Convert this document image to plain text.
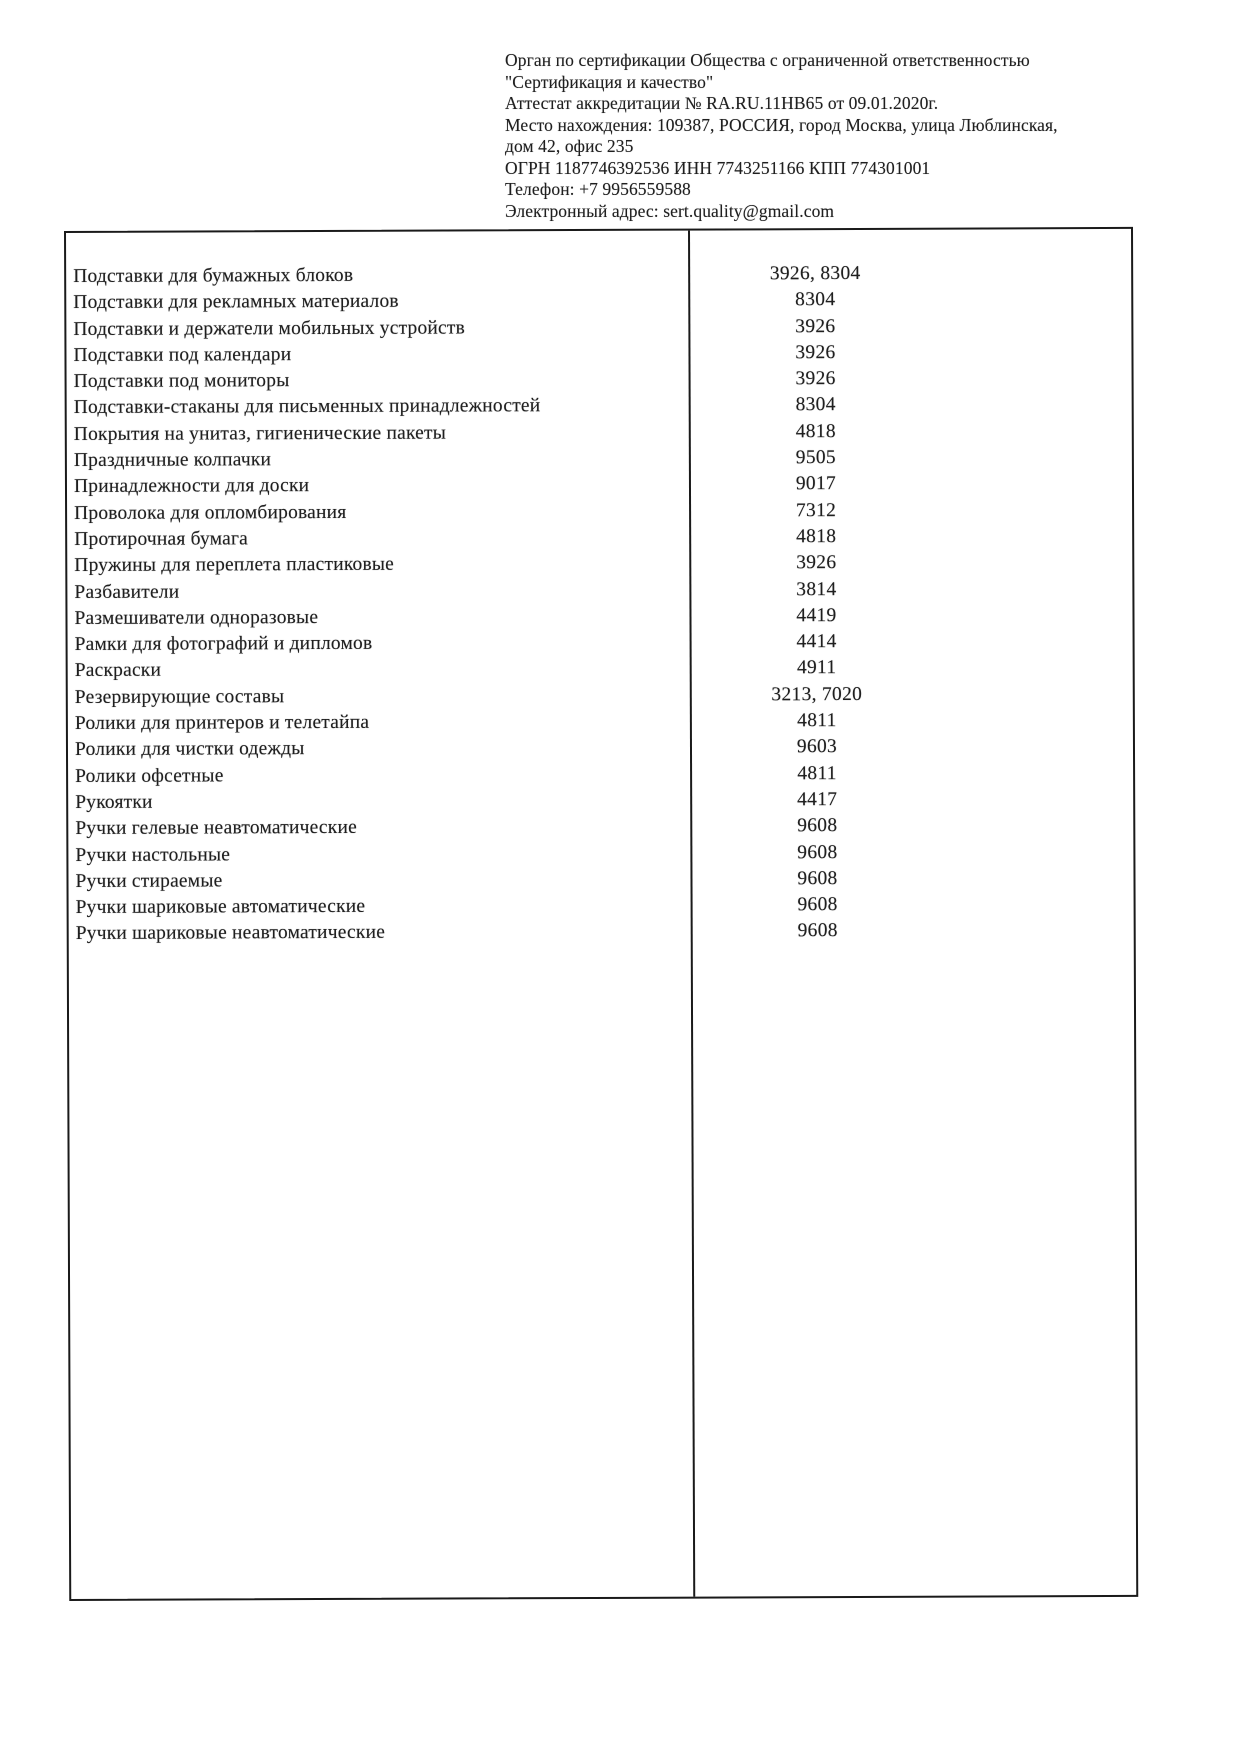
Орган по сертификации Общества с ограниченной ответственностью
"Сертификация и качество"
Аттестат аккредитации № RA.RU.11НВ65 от 09.01.2020г.
Место нахождения: 109387, РОССИЯ, город Москва, улица Люблинская,
дом 42, офис 235
ОГРН 1187746392536 ИНН 7743251166 КПП 774301001
Телефон: +7 9956559588
Электронный адрес: sert.quality@gmail.com
Подставки для бумажных блоков
Подставки для рекламных материалов
Подставки и держатели мобильных устройств
Подставки под календари
Подставки под мониторы
Подставки-стаканы для письменных принадлежностей
Покрытия на унитаз, гигиенические пакеты
Праздничные колпачки
Принадлежности для доски
Проволока для опломбирования
Протирочная бумага
Пружины для переплета пластиковые
Разбавители
Размешиватели одноразовые
Рамки для фотографий и дипломов
Раскраски
Резервирующие составы
Ролики для принтеров и телетайпа
Ролики для чистки одежды
Ролики офсетные
Рукоятки
Ручки гелевые неавтоматические
Ручки настольные
Ручки стираемые
Ручки шариковые автоматические
Ручки шариковые неавтоматические
3926, 8304
8304
3926
3926
3926
8304
4818
9505
9017
7312
4818
3926
3814
4419
4414
4911
3213, 7020
4811
9603
4811
4417
9608
9608
9608
9608
9608
